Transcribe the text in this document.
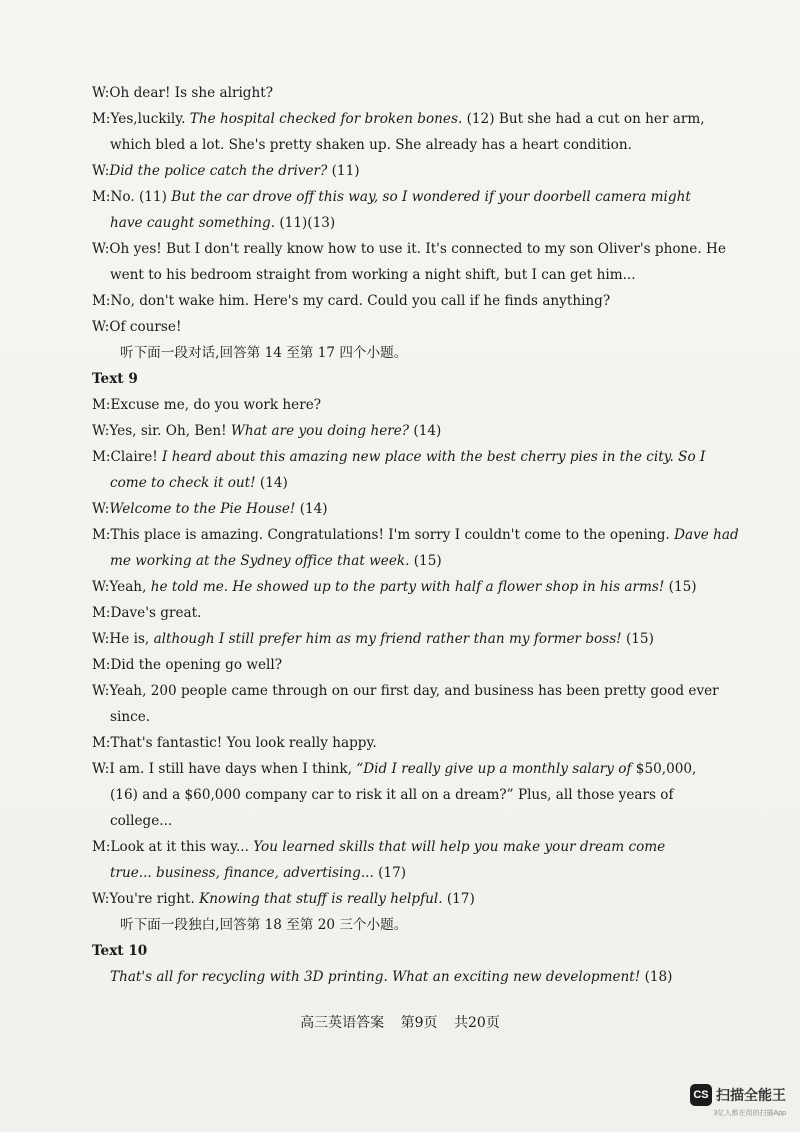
W:Oh dear! Is she alright?
M:Yes,luckily. The hospital checked for broken bones. (12) But she had a cut on her arm,
which bled a lot. She's pretty shaken up. She already has a heart condition.
W:Did the police catch the driver? (11)
M:No. (11) But the car drove off this way, so I wondered if your doorbell camera might
have caught something. (11)(13)
W:Oh yes! But I don't really know how to use it. It's connected to my son Oliver's phone. He
went to his bedroom straight from working a night shift, but I can get him...
M:No, don't wake him. Here's my card. Could you call if he finds anything?
W:Of course!
听下面一段对话,回答第 14 至第 17 四个小题。
Text 9
M:Excuse me, do you work here?
W:Yes, sir. Oh, Ben! What are you doing here? (14)
M:Claire! I heard about this amazing new place with the best cherry pies in the city. So I
come to check it out! (14)
W:Welcome to the Pie House! (14)
M:This place is amazing. Congratulations! I'm sorry I couldn't come to the opening. Dave had
me working at the Sydney office that week. (15)
W:Yeah, he told me. He showed up to the party with half a flower shop in his arms! (15)
M:Dave's great.
W:He is, although I still prefer him as my friend rather than my former boss! (15)
M:Did the opening go well?
W:Yeah, 200 people came through on our first day, and business has been pretty good ever
since.
M:That's fantastic! You look really happy.
W:I am. I still have days when I think, “Did I really give up a monthly salary of $50,000,
(16) and a $60,000 company car to risk it all on a dream?” Plus, all those years of
college...
M:Look at it this way... You learned skills that will help you make your dream come
true... business, finance, advertising... (17)
W:You're right. Knowing that stuff is really helpful. (17)
听下面一段独白,回答第 18 至第 20 三个小题。
Text 10
That's all for recycling with 3D printing. What an exciting new development! (18)
高三英语答案 第9页 共20页
CS 扫描全能王
3亿人都在用的扫描App
